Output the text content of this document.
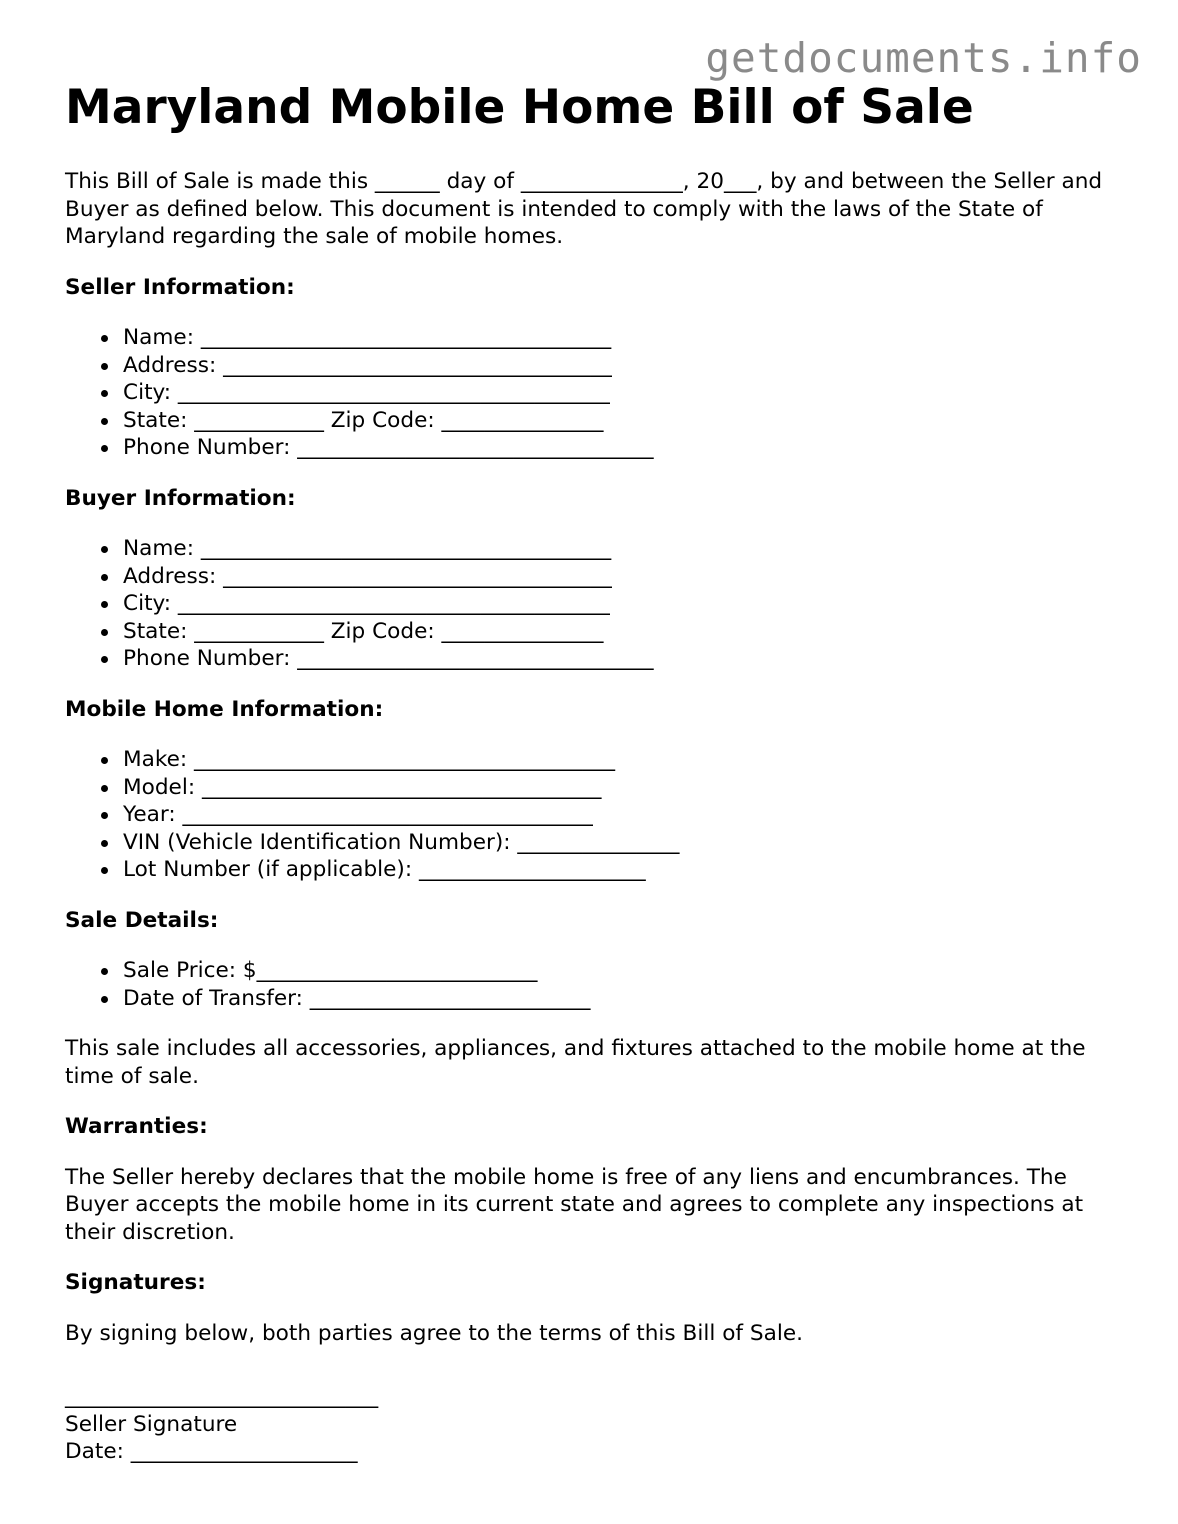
getdocuments.info
Maryland Mobile Home Bill of Sale

This Bill of Sale is made this ______ day of _______________, 20___, by and between the Seller and Buyer as defined below. This document is intended to comply with the laws of the State of Maryland regarding the sale of mobile homes.

Seller Information:
Name: ______________________________________
Address: ____________________________________
City: ________________________________________
State: ____________ Zip Code: _______________
Phone Number: _________________________________
Buyer Information:
Name: ______________________________________
Address: ____________________________________
City: ________________________________________
State: ____________ Zip Code: _______________
Phone Number: _________________________________
Mobile Home Information:
Make: _______________________________________
Model: _____________________________________
Year: ______________________________________
VIN (Vehicle Identification Number): _______________
Lot Number (if applicable): _____________________
Sale Details:
Sale Price: $__________________________
Date of Transfer: __________________________

This sale includes all accessories, appliances, and fixtures attached to the mobile home at the time of sale.

Warranties:

The Seller hereby declares that the mobile home is free of any liens and encumbrances. The Buyer accepts the mobile home in its current state and agrees to complete any inspections at their discretion.

Signatures:

By signing below, both parties agree to the terms of this Bill of Sale.

_____________________________
Seller Signature
Date: _____________________
